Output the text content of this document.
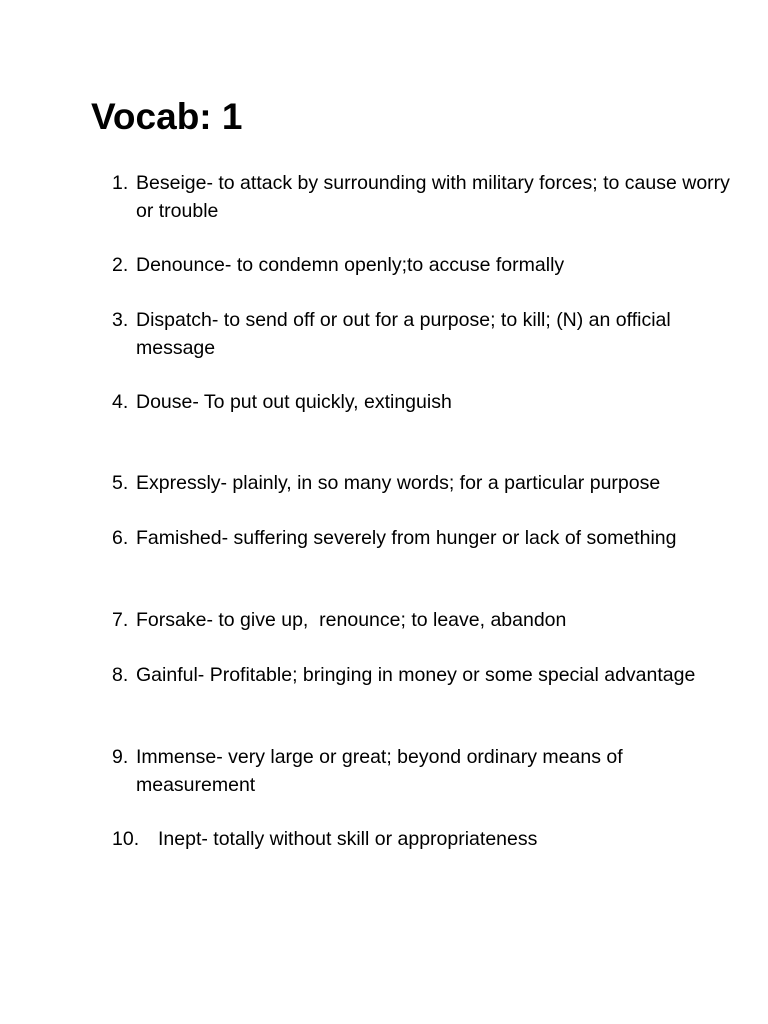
Vocab: 1
1. Beseige- to attack by surrounding with military forces; to cause worry or trouble
2. Denounce- to condemn openly;to accuse formally
3. Dispatch- to send off or out for a purpose; to kill; (N) an official message
4. Douse- To put out quickly, extinguish
5. Expressly- plainly, in so many words; for a particular purpose
6. Famished- suffering severely from hunger or lack of something
7. Forsake- to give up,  renounce; to leave, abandon
8. Gainful- Profitable; bringing in money or some special advantage
9. Immense- very large or great; beyond ordinary means of measurement
10. Inept- totally without skill or appropriateness
